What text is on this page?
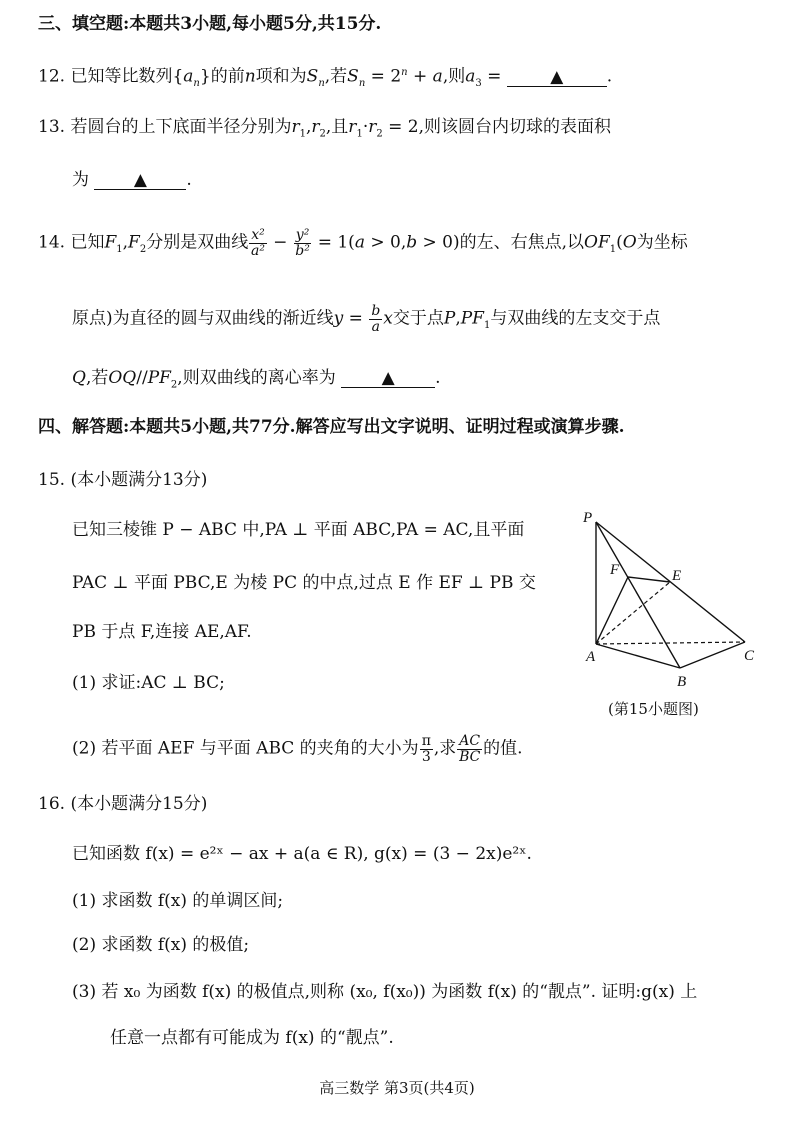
三、填空题:本题共3小题,每小题5分,共15分.
12. 已知等比数列$\{a_n\}$的前n项和为$S_n$,若$S_n = 2^n + a$,则$a_3$ =	▲	.
13. 若圆台的上下底面半径分别为$r_1,r_2$,且$r_1\cdot r_2 = 2$,则该圆台内切球的表面积
为	▲ .
14. 已知$F_1,F_2$分别是双曲线 $\frac{\text{x²}}{\text{a²}} - \frac{\text{y²}}{\text{b²}} = 1(a > 0,b > 0)$的左、右焦点,以$OF_1(O$为坐标
原点)为直径的圆与双曲线的渐近线$y = \frac{b}{a}$ x交于点$P,PF_1$与双曲线的左支交于点
Q,若$OQ//PF_2$,则双曲线的离心率为	▲ .
四、解答题:本题共5小题,共77分.解答应写出文字说明、证明过程或演算步骤.
15. (本小题满分13分)
已知三棱锥 P − ABC 中,PA ⊥ 平面 ABC,PA = AC,且平面
PAC ⊥ 平面 PBC,E 为棱 PC 的中点,过点 E 作 EF ⊥ PB 交
PB 于点 F,连接 AE,AF.
(1) 求证:AC ⊥ BC;
(2) 若平面 AEF 与平面 ABC 的夹角的大小为 $\frac{\pi}{3}$ ,求 $\frac{AC}{BC}$ 的值.
P
F	E
A
B
C
(第15小题图)
16. (本小题满分15分)
已知函数 f(x) = e²ˣ − ax + a(a ∈ R), g(x) = (3 − 2x)e²ˣ.
(1) 求函数 f(x) 的单调区间;
(2) 求函数 f(x) 的极值;
(3) 若 x₀ 为函数 f(x) 的极值点,则称 (x₀, f(x₀)) 为函数 f(x) 的“靓点”. 证明:g(x) 上
任意一点都有可能成为 f(x) 的“靓点”.
高三数学 第3页(共4页)
